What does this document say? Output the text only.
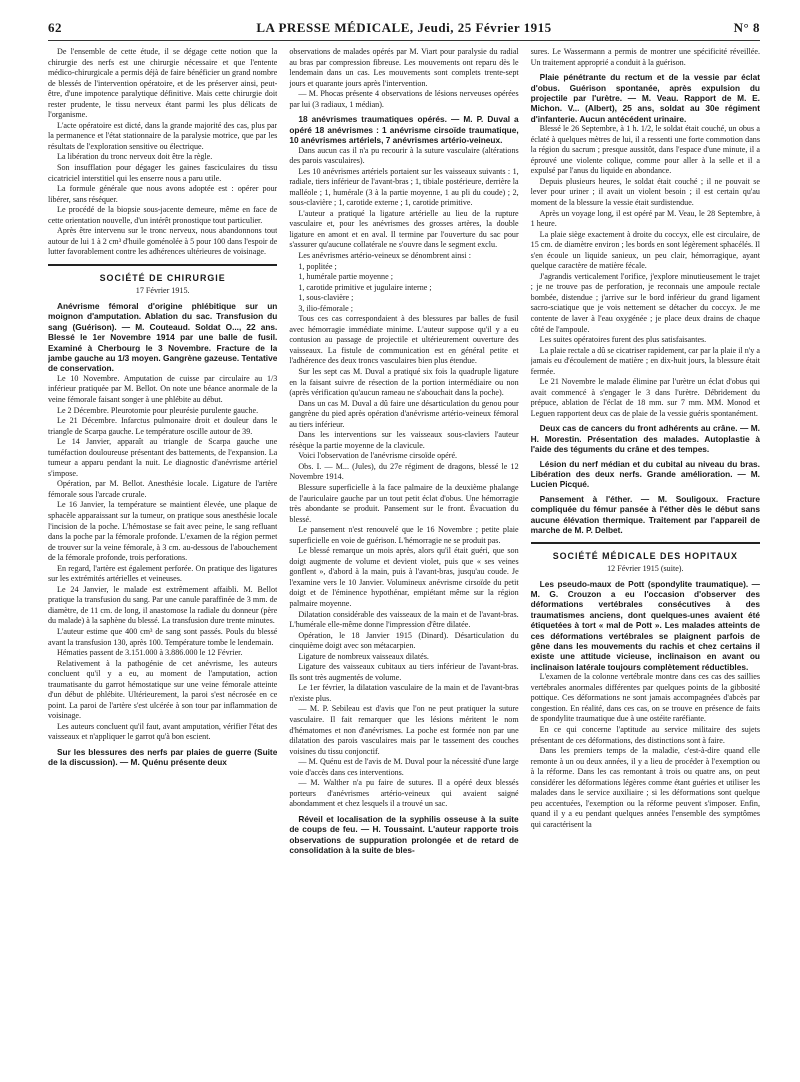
62	LA PRESSE MÉDICALE, Jeudi, 25 Février 1915	N° 8

De l'ensemble de cette étude, il se dégage cette notion que la chirurgie des nerfs est une chirurgie nécessaire et que l'entente médico-chirurgicale a permis déjà de faire bénéficier un grand nombre de blessés de l'intervention opératoire, et de les préserver ainsi, peut-être, d'une impotence paralytique définitive. Mais cette chirurgie doit rester prudente, le tissu nerveux étant parmi les plus délicats de l'organisme.

L'acte opératoire est dicté, dans la grande majorité des cas, plus par la permanence et l'état stationnaire de la paralysie motrice, que par les résultats de l'exploration sensitive ou électrique.

La libération du tronc nerveux doit être la règle.

Son insufflation pour dégager les gaines fasciculaires du tissu cicatriciel interstitiel qui les enserre nous a paru utile.

La formule générale que nous avons adoptée est : opérer pour libérer, sans réséquer.

Le procédé de la biopsie sous-jacente demeure, même en face de cette orientation nouvelle, d'un intérêt pronostique tout particulier.

Après être intervenu sur le tronc nerveux, nous abandonnons tout autour de lui 1 à 2 cm³ d'huile goménolée à 5 pour 100 dans l'espoir de lutter favorablement contre les adhérences ultérieures de voisinage.

SOCIÉTÉ DE CHIRURGIE
17 Février 1915.

Anévrisme fémoral d'origine phlébitique sur un moignon d'amputation. Ablation du sac. Transfusion du sang (Guérison). — M. Couteaud. Soldat O..., 22 ans. Blessé le 1er Novembre 1914 par une balle de fusil. Examiné à Cherbourg le 3 Novembre. Fracture de la jambe gauche au 1/3 moyen. Gangrène gazeuse. Tentative de conservation.

Le 10 Novembre. Amputation de cuisse par circulaire au 1/3 inférieur pratiquée par M. Bellot. On note une béance anormale de la veine fémorale faisant songer à une phlébite au début.

Le 2 Décembre. Pleurotomie pour pleurésie purulente gauche.

Le 21 Décembre. Infarctus pulmonaire droit et douleur dans le triangle de Scarpa gauche. Le température oscille autour de 39.

Le 14 Janvier, apparaît au triangle de Scarpa gauche une tuméfaction douloureuse présentant des battements, de l'expansion. La tumeur a apparu pendant la nuit. Le diagnostic d'anévrisme artériel s'impose.

Opération, par M. Bellot. Anesthésie locale. Ligature de l'artère fémorale sous l'arcade crurale.

Le 16 Janvier, la température se maintient élevée, une plaque de sphacèle apparaissant sur la tumeur, on pratique sous anesthésie locale l'incision de la poche. L'hémostase se fait avec peine, le sang refluant dans la poche par la fémorale profonde. L'examen de la région permet de trouver sur la veine fémorale, à 3 cm. au-dessous de l'abouchement de la fémorale profonde, trois perforations.

En regard, l'artère est également perforée. On pratique des ligatures sur les extrémités artérielles et veineuses.

Le 24 Janvier, le malade est extrêmement affaibli. M. Bellot pratique la transfusion du sang. Par une canule paraffinée de 3 mm. de diamètre, de 11 cm. de long, il anastomose la radiale du donneur (père du malade) à la saphène du blessé. La transfusion dure trente minutes.

L'auteur estime que 400 cm³ de sang sont passés. Pouls du blessé avant la transfusion 130, après 100. Température tombe le lendemain.

Hématies passent de 3.151.000 à 3.886.000 le 12 Février.

Relativement à la pathogénie de cet anévrisme, les auteurs concluent qu'il y a eu, au moment de l'amputation, action traumatisante du garrot hémostatique sur une veine fémorale atteinte d'un début de phlébite. Ultérieurement, la paroi s'est nécrosée en ce point. La paroi de l'artère s'est ulcérée à son tour par inflammation de voisinage.

Les auteurs concluent qu'il faut, avant amputation, vérifier l'état des vaisseaux et n'appliquer le garrot qu'à bon escient.

Sur les blessures des nerfs par plaies de guerre (Suite de la discussion). — M. Quénu présente deux

observations de malades opérés par M. Viart pour paralysie du radial au bras par compression fibreuse. Les mouvements ont reparu dès le lendemain dans un cas. Les mouvements sont complets trente-sept jours et quarante jours après l'intervention.

— M. Phocas présente 4 observations de lésions nerveuses opérées par lui (3 radiaux, 1 médian).

18 anévrismes traumatiques opérés. — M. P. Duval a opéré 18 anévrismes : 1 anévrisme cirsoïde traumatique, 10 anévrismes artériels, 7 anévrismes artério-veineux.

Dans aucun cas il n'a pu recourir à la suture vasculaire (altérations des parois vasculaires).

Les 10 anévrismes artériels portaient sur les vaisseaux suivants : 1, radiale, tiers inférieur de l'avant-bras ; 1, tibiale postérieure, derrière la malléole ; 1, humérale (3 à la partie moyenne, 1 au pli du coude) ; 2, sous-clavière ; 1, carotide externe ; 1, carotide primitive.

L'auteur a pratiqué la ligature artérielle au lieu de la rupture vasculaire et, pour les anévrismes des grosses artères, la double ligature en amont et en aval. Il termine par l'ouverture du sac pour s'assurer qu'aucune collatérale ne s'ouvre dans le segment exclu.

Les anévrismes artério-veineux se dénombrent ainsi :

1, poplitée ;

1, humérale partie moyenne ;

1, carotide primitive et jugulaire interne ;

1, sous-clavière ;

3, ilio-fémorale ;

Tous ces cas correspondaient à des blessures par balles de fusil avec hémorragie immédiate minime. L'auteur suppose qu'il y a eu contusion au passage de projectile et ultérieurement ouverture des vaisseaux. La fistule de communication est en général petite et l'adhérence des deux troncs vasculaires bien plus étendue.

Sur les sept cas M. Duval a pratiqué six fois la quadruple ligature en la faisant suivre de résection de la portion intermédiaire ou non (après vérification qu'aucun rameau ne s'abouchait dans la poche).

Dans un cas M. Duval a dû faire une désarticulation du genou pour gangrène du pied après opération d'anévrisme artério-veineux fémoral au tiers inférieur.

Dans les interventions sur les vaisseaux sous-claviers l'auteur résèque la partie moyenne de la clavicule.

Voici l'observation de l'anévrisme cirsoïde opéré.

Obs. I. — M... (Jules), du 27e régiment de dragons, blessé le 12 Novembre 1914.

Blessure superficielle à la face palmaire de la deuxième phalange de l'auriculaire gauche par un tout petit éclat d'obus. Une hémorragie très abondante se produit. Pansement sur le front. Évacuation du blessé.

Le pansement n'est renouvelé que le 16 Novembre ; petite plaie superficielle en voie de guérison. L'hémorragie ne se produit pas.

Le blessé remarque un mois après, alors qu'il était guéri, que son doigt augmente de volume et devient violet, puis que « ses veines gonflent », d'abord à la main, puis à l'avant-bras, jusqu'au coude. Je l'examine vers le 10 Janvier. Volumineux anévrisme cirsoïde du petit doigt et de l'éminence hypothénar, empiétant même sur la région palmaire moyenne.

Dilatation considérable des vaisseaux de la main et de l'avant-bras. L'humérale elle-même donne l'impression d'être dilatée.

Opération, le 18 Janvier 1915 (Dinard). Désarticulation du cinquième doigt avec son métacarpien.

Ligature de nombreux vaisseaux dilatés.

Ligature des vaisseaux cubitaux au tiers inférieur de l'avant-bras. Ils sont très augmentés de volume.

Le 1er février, la dilatation vasculaire de la main et de l'avant-bras n'existe plus.

— M. P. Sebileau est d'avis que l'on ne peut pratiquer la suture vasculaire. Il fait remarquer que les lésions méritent le nom d'hématomes et non d'anévrismes. La poche est formée non par une dilatation des parois vasculaires mais par le tassement des couches voisines du tissu conjonctif.

— M. Quénu est de l'avis de M. Duval pour la nécessité d'une large voie d'accès dans ces interventions.

— M. Walther n'a pu faire de sutures. Il a opéré deux blessés porteurs d'anévrismes artério-veineux qui avaient saigné abondamment et chez lesquels il a trouvé un sac.

Réveil et localisation de la syphilis osseuse à la suite de coups de feu. — H. Toussaint. L'auteur rapporte trois observations de suppuration prolongée et de retard de consolidation à la suite de bles-

sures. Le Wassermann a permis de montrer une spécificité réveillée. Un traitement approprié a conduit à la guérison.

Plaie pénétrante du rectum et de la vessie par éclat d'obus. Guérison spontanée, après expulsion du projectile par l'urètre. — M. Veau. Rapport de M. E. Michon. V... (Albert), 25 ans, soldat au 30e régiment d'infanterie. Aucun antécédent urinaire.

Blessé le 26 Septembre, à 1 h. 1/2, le soldat était couché, un obus a éclaté à quelques mètres de lui, il a ressenti une forte commotion dans la région du sacrum ; presque aussitôt, dans l'espace d'une minute, il a éprouvé une violente colique, comme pour aller à la selle et il a expulsé par l'anus du liquide en abondance.

Depuis plusieurs heures, le soldat était couché ; il ne pouvait se lever pour uriner ; il avait un violent besoin ; il est certain qu'au moment de la blessure la vessie était surdistendue.

Après un voyage long, il est opéré par M. Veau, le 28 Septembre, à 1 heure.

La plaie siège exactement à droite du coccyx, elle est circulaire, de 15 cm. de diamètre environ ; les bords en sont légèrement sphacélés. Il s'en écoule un liquide sanieux, un peu clair, hémorragique, ayant quelque caractère de matière fécale.

J'agrandis verticalement l'orifice, j'explore minutieusement le trajet ; je ne trouve pas de perforation, je reconnais une ampoule rectale bombée, distendue ; j'arrive sur le bord inférieur du grand ligament sacro-sciatique que je vois nettement se détacher du coccyx. Je me contente de laver à l'eau oxygénée ; je place deux drains de chaque côté de l'ampoule.

Les suites opératoires furent des plus satisfaisantes.

La plaie rectale a dû se cicatriser rapidement, car par la plaie il n'y a jamais eu d'écoulement de matière ; en dix-huit jours, la blessure était fermée.

Le 21 Novembre le malade élimine par l'urètre un éclat d'obus qui avait commencé à s'engager le 3 dans l'urètre. Débridement du prépuce, ablation de l'éclat de 18 mm. sur 7 mm. MM. Monod et Leguen rapportent deux cas de plaie de la vessie guéris spontanément.

Deux cas de cancers du front adhérents au crâne. — M. H. Morestin. Présentation des malades. Autoplastie à l'aide des téguments du crâne et des tempes.

Lésion du nerf médian et du cubital au niveau du bras. Libération des deux nerfs. Grande amélioration. — M. Lucien Picqué.

Pansement à l'éther. — M. Souligoux. Fracture compliquée du fémur pansée à l'éther dès le début sans aucune élévation thermique. Traitement par l'appareil de marche de M. P. Delbet.

SOCIÉTÉ MÉDICALE DES HOPITAUX
12 Février 1915 (suite).

Les pseudo-maux de Pott (spondylite traumatique). — M. G. Crouzon a eu l'occasion d'observer des déformations vertébrales consécutives à des traumatismes anciens, dont quelques-unes avaient été étiquetées à tort « mal de Pott ». Les malades atteints de ces déformations vertébrales se plaignent parfois de gêne dans les mouvements du rachis et chez certains il existe une attitude vicieuse, inclinaison en avant ou inclinaison latérale toujours complètement réductibles.

L'examen de la colonne vertébrale montre dans ces cas des saillies vertébrales anormales différentes par quelques points de la gibbosité pottique. Ces déformations ne sont jamais accompagnées d'abcès par congestion. En réalité, dans ces cas, on se trouve en présence de faits de spondylite traumatique due à une ostéite raréfiante.

En ce qui concerne l'aptitude au service militaire des sujets présentant de ces déformations, des distinctions sont à faire.

Dans les premiers temps de la maladie, c'est-à-dire quand elle remonte à un ou deux années, il y a lieu de procéder à l'exemption ou à la réforme. Dans les cas remontant à trois ou quatre ans, on peut considérer les déformations légères comme étant guéries et utiliser les malades dans le service auxiliaire ; si les déformations sont quelque peu accentuées, l'exemption ou la réforme peuvent s'imposer. Enfin, quand il y a eu pendant quelques années l'ensemble des symptômes qui caractérisent la
